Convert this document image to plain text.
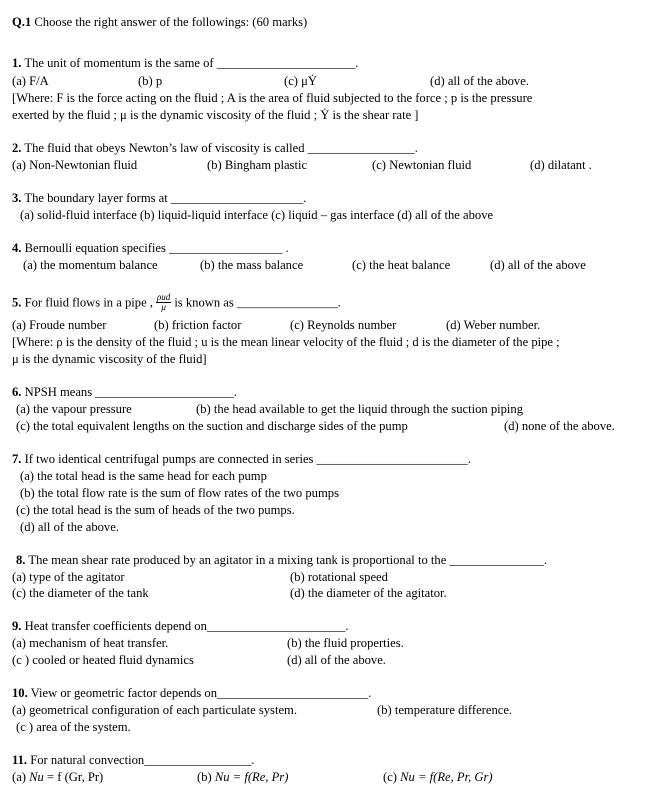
Q.1 Choose the right answer of the followings: (60 marks)
1. The unit of momentum is the same of ______________________.
(a) F/A	(b) p	(c) μẎ	(d) all of the above.
[Where: F is the force acting on the fluid ; A is the area of fluid subjected to the force ; p is the pressure
exerted by the fluid ; μ is the dynamic viscosity of the fluid ; Ẏ is the shear rate ]
2. The fluid that obeys Newton’s law of viscosity is called _________________.
(a) Non-Newtonian fluid	(b) Bingham plastic	(c) Newtonian fluid	(d) dilatant .
3. The boundary layer forms at _____________________.
(a) solid-fluid interface (b) liquid-liquid interface (c) liquid – gas interface (d) all of the above
4. Bernoulli equation specifies __________________ .
(a) the momentum balance	(b) the mass balance	(c) the heat balance	(d) all of the above
5. For fluid flows in a pipe , $\frac{\text{ρud}}{\mu}$ is known as ________________.
(a) Froude number	(b) friction factor	(c) Reynolds number	(d) Weber number.
[Where: ρ is the density of the fluid ; u is the mean linear velocity of the fluid ; d is the diameter of the pipe ;
μ is the dynamic viscosity of the fluid]
6. NPSH means ______________________.
(a) the vapour pressure	(b) the head available to get the liquid through the suction piping
(c) the total equivalent lengths on the suction and discharge sides of the pump	(d) none of the above.
7. If two identical centrifugal pumps are connected in series ________________________.
(a) the total head is the same head for each pump
(b) the total flow rate is the sum of flow rates of the two pumps
(c) the total head is the sum of heads of the two pumps.
(d) all of the above.
8. The mean shear rate produced by an agitator in a mixing tank is proportional to the _______________.
(a) type of the agitator	(b) rotational speed
(c) the diameter of the tank	(d) the diameter of the agitator.
9. Heat transfer coefficients depend on______________________.
(a) mechanism of heat transfer.	(b) the fluid properties.
(c ) cooled or heated fluid dynamics	(d) all of the above.
10. View or geometric factor depends on________________________.
(a) geometrical configuration of each particulate system.	(b) temperature difference.
(c ) area of the system.
11. For natural convection_________________.
(a) Nu = f (Gr, Pr)	(b) Nu = f(Re, Pr)	(c) Nu = f(Re, Pr, Gr)
